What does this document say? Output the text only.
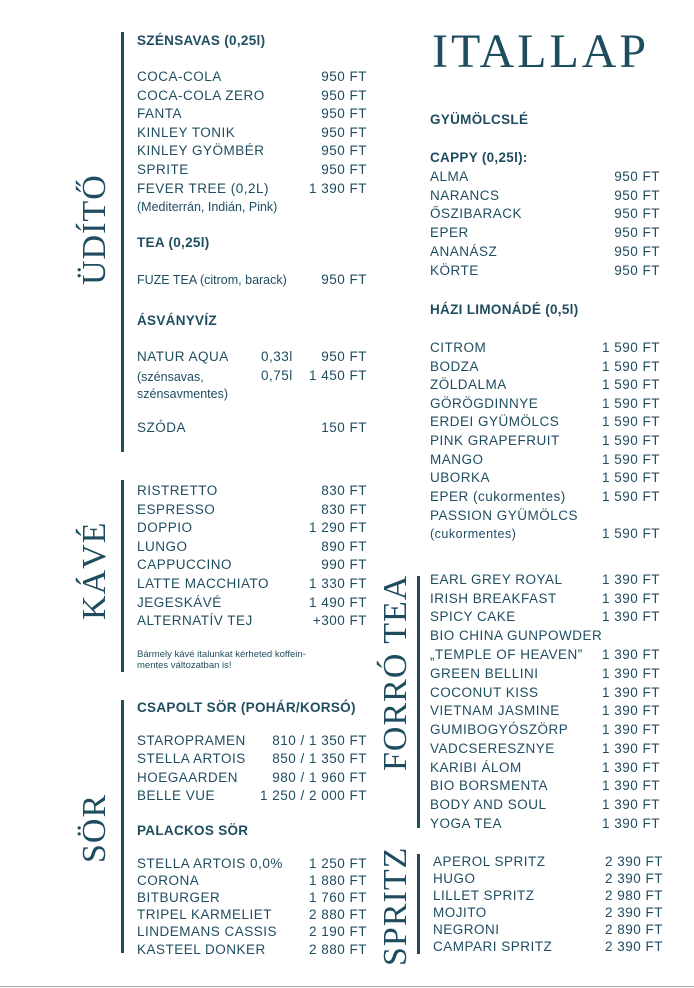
ÜDÍTŐ
KÁVÉ
SÖR
FORRÓ TEA
SPRITZ
ITALLAP
SZÉNSAVAS (0,25l)
COCA-COLA	950 FT
COCA-COLA ZERO	950 FT
FANTA	950 FT
KINLEY TONIK	950 FT
KINLEY GYÖMBÉR	950 FT
SPRITE	950 FT
FEVER TREE (0,2L)	1 390 FT
(Mediterrán, Indián, Pink)
TEA (0,25l)
FUZE TEA (citrom, barack)	950 FT
ÁSVÁNYVÍZ
NATUR AQUA 0,33l 950 FT
(szénsavas,	0,75l 1 450 FT
szénsavmentes)
SZÓDA	150 FT
RISTRETTO	830 FT
ESPRESSO	830 FT
DOPPIO	1 290 FT
LUNGO	890 FT
CAPPUCCINO	990 FT
LATTE MACCHIATO	1 330 FT
JEGESKÁVÉ	1 490 FT
ALTERNATÍV TEJ	+300 FT
Bármely kávé italunkat kérheted koffein-
mentes változatban is!
CSAPOLT SÖR (POHÁR/KORSÓ)
STAROPRAMEN 810 / 1 350 FT
STELLA ARTOIS 850 / 1 350 FT
HOEGAARDEN	980 / 1 960 FT
BELLE VUE	1 250 / 2 000 FT
PALACKOS SÖR
STELLA ARTOIS 0,0% 1 250 FT
CORONA	1 880 FT
BITBURGER	1 760 FT
TRIPEL KARMELIET	2 880 FT
LINDEMANS CASSIS 2 190 FT
KASTEEL DONKER	2 880 FT
GYÜMÖLCSLÉ
CAPPY (0,25l):
ALMA	950 FT
NARANCS	950 FT
ŐSZIBARACK	950 FT
EPER	950 FT
ANANÁSZ	950 FT
KÖRTE	950 FT
HÁZI LIMONÁDÉ (0,5l)
CITROM	1 590 FT
BODZA	1 590 FT
ZÖLDALMA	1 590 FT
GÖRÖGDINNYE	1 590 FT
ERDEI GYÜMÖLCS	1 590 FT
PINK GRAPEFRUIT	1 590 FT
MANGO	1 590 FT
UBORKA	1 590 FT
EPER (cukormentes)	1 590 FT
PASSION GYÜMÖLCS
(cukormentes)	1 590 FT
EARL GREY ROYAL	1 390 FT
IRISH BREAKFAST	1 390 FT
SPICY CAKE	1 390 FT
BIO CHINA GUNPOWDER
„TEMPLE OF HEAVEN” 1 390 FT
GREEN BELLINI	1 390 FT
COCONUT KISS	1 390 FT
VIETNAM JASMINE	1 390 FT
GUMIBOGYÓSZÖRP 1 390 FT
VADCSERESZNYE	1 390 FT
KARIBI ÁLOM	1 390 FT
BIO BORSMENTA	1 390 FT
BODY AND SOUL	1 390 FT
YOGA TEA	1 390 FT
APEROL SPRITZ	2 390 FT
HUGO	2 390 FT
LILLET SPRITZ	2 980 FT
MOJITO	2 390 FT
NEGRONI	2 890 FT
CAMPARI SPRITZ	2 390 FT
